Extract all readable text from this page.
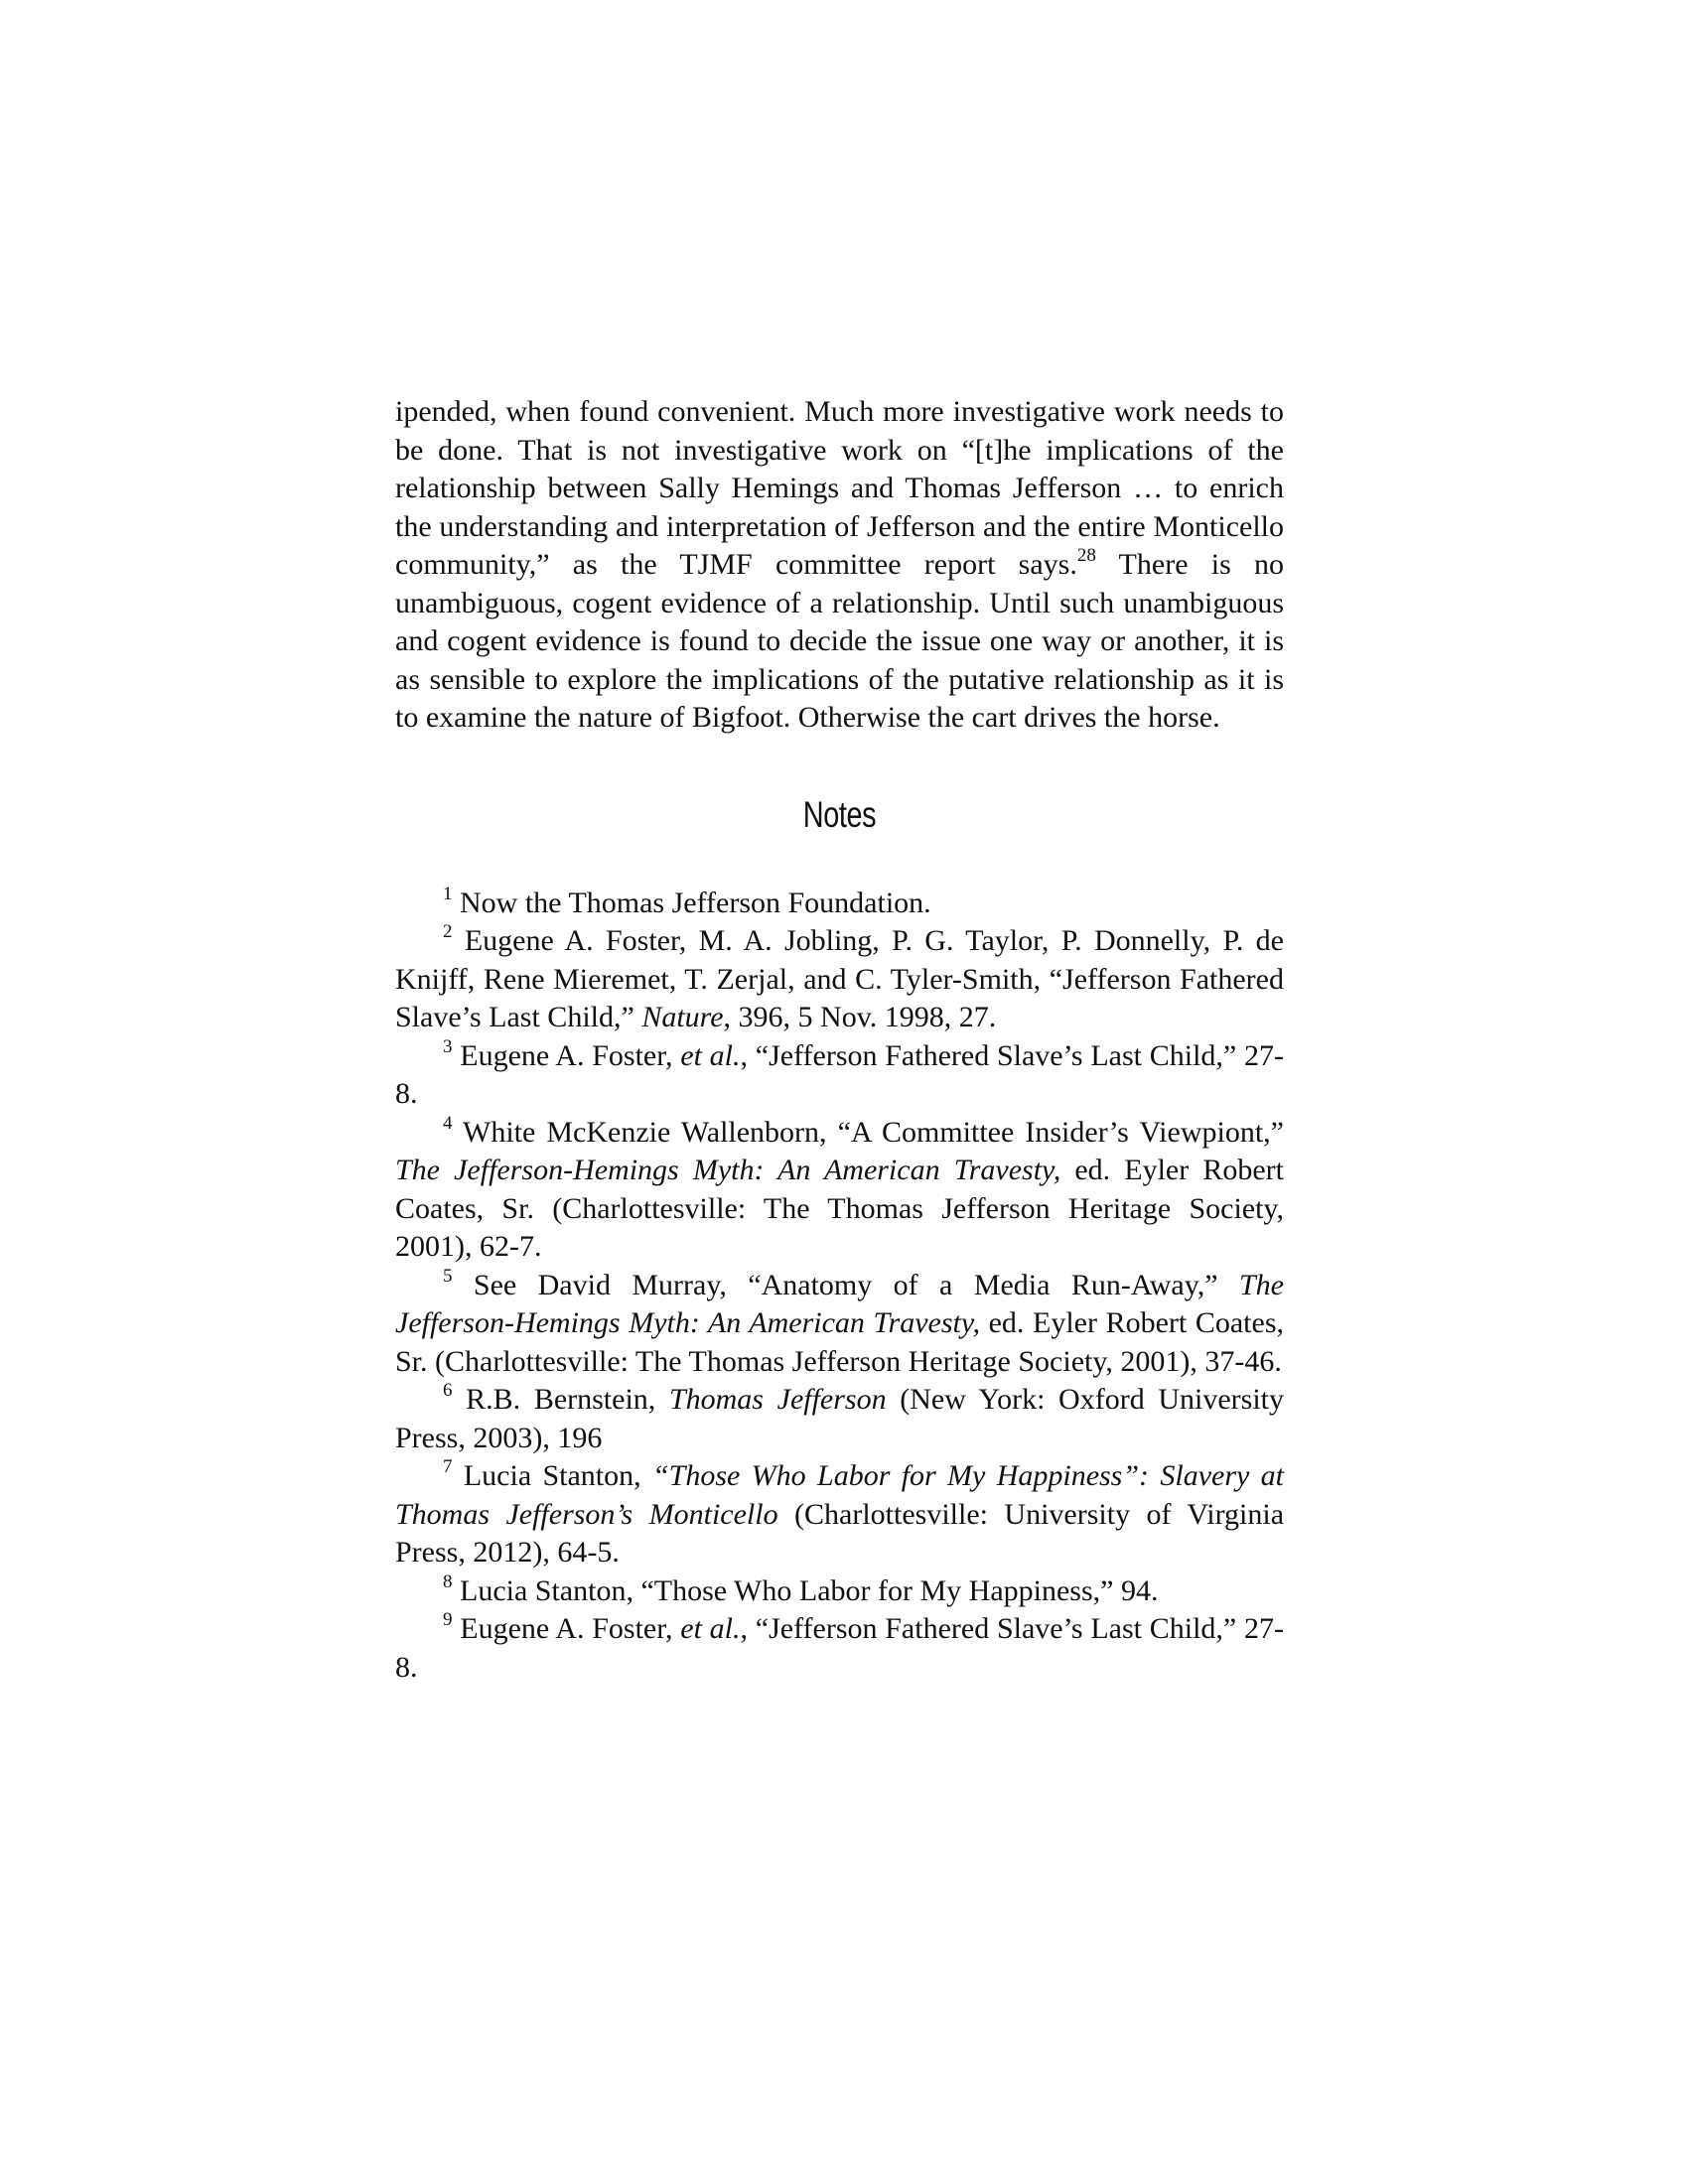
ipended, when found convenient. Much more investigative work needs to be done. That is not investigative work on “[t]he implications of the relationship between Sally Hemings and Thomas Jefferson … to enrich the understanding and interpretation of Jefferson and the entire Monticello community,” as the TJMF committee report says.$^{28}$ There is no unambiguous, cogent evidence of a relationship. Until such unambiguous and cogent evidence is found to decide the issue one way or another, it is as sensible to explore the implications of the putative relationship as it is to examine the nature of Bigfoot. Otherwise the cart drives the horse.

Notes

$^1$ Now the Thomas Jefferson Foundation.

$^2$ Eugene A. Foster, M. A. Jobling, P. G. Taylor, P. Donnelly, P. de Knijff, Rene Mieremet, T. Zerjal, and C. Tyler-Smith, “Jefferson Fathered Slave’s Last Child,” Nature, 396, 5 Nov. 1998, 27.

$^3$ Eugene A. Foster, et al., “Jefferson Fathered Slave’s Last Child,” 27-8.

$^4$ White McKenzie Wallenborn, “A Committee Insider’s Viewpiont,” The Jefferson-Hemings Myth: An American Travesty, ed. Eyler Robert Coates, Sr. (Charlottesville: The Thomas Jefferson Heritage Society, 2001), 62-7.

$^5$ See David Murray, “Anatomy of a Media Run-Away,” The Jefferson-Hemings Myth: An American Travesty, ed. Eyler Robert Coates, Sr. (Charlottesville: The Thomas Jefferson Heritage Society, 2001), 37-46.

$^6$ R.B. Bernstein, Thomas Jefferson (New York: Oxford University Press, 2003), 196

$^7$ Lucia Stanton, “Those Who Labor for My Happiness”: Slavery at Thomas Jefferson’s Monticello (Charlottesville: University of Virginia Press, 2012), 64-5.

$^8$ Lucia Stanton, “Those Who Labor for My Happiness,” 94.

$^9$ Eugene A. Foster, et al., “Jefferson Fathered Slave’s Last Child,” 27-8.
